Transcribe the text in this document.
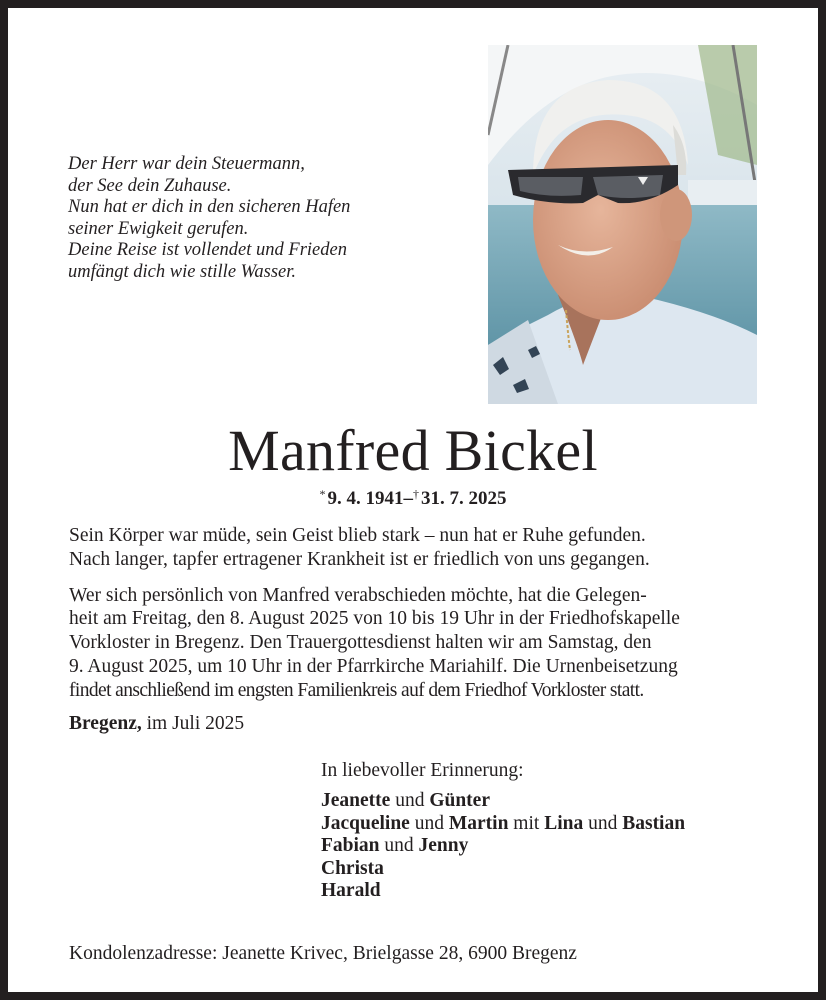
Der Herr war dein Steuermann,
der See dein Zuhause.
Nun hat er dich in den sicheren Hafen
seiner Ewigkeit gerufen.
Deine Reise ist vollendet und Frieden
umfängt dich wie stille Wasser.
Manfred Bickel
* 9. 4. 1941–† 31. 7. 2025
Sein Körper war müde, sein Geist blieb stark – nun hat er Ruhe gefunden.
Nach langer, tapfer ertragener Krankheit ist er friedlich von uns gegangen.
Wer sich persönlich von Manfred verabschieden möchte, hat die Gelegen-
heit am Freitag, den 8. August 2025 von 10 bis 19 Uhr in der Friedhofskapelle
Vorkloster in Bregenz. Den Trauergottesdienst halten wir am Samstag, den
9. August 2025, um 10 Uhr in der Pfarrkirche Mariahilf. Die Urnenbeisetzung
findet anschließend im engsten Familienkreis auf dem Friedhof Vorkloster statt.
Bregenz, im Juli 2025
In liebevoller Erinnerung:
Jeanette und Günter
Jacqueline und Martin mit Lina und Bastian
Fabian und Jenny
Christa
Harald
Kondolenzadresse: Jeanette Krivec, Brielgasse 28, 6900 Bregenz
